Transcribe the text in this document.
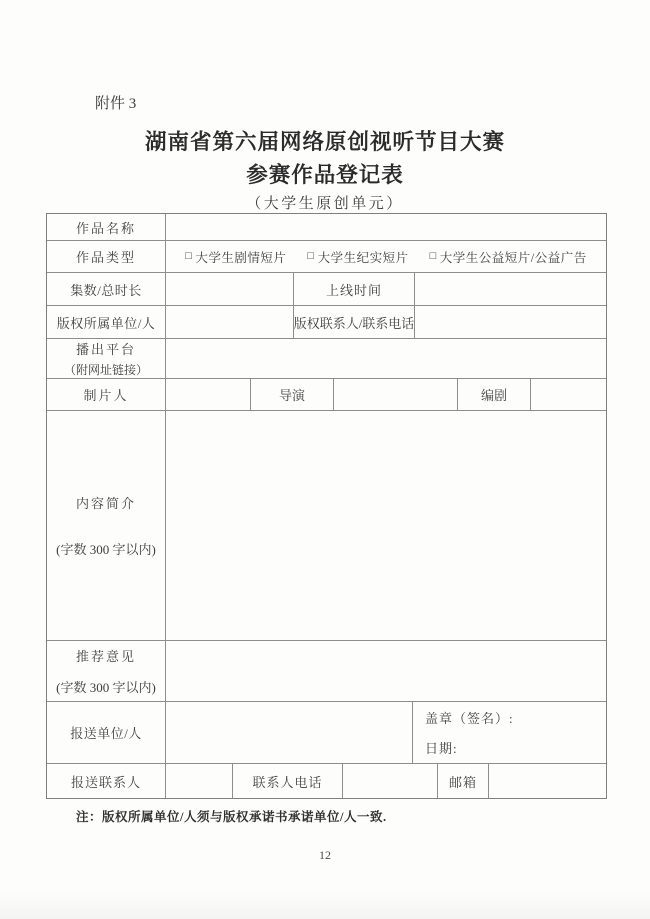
附件 3
湖南省第六届网络原创视听节目大赛
参赛作品登记表
（大学生原创单元）
作品名称
作品类型	□ 大学生剧情短片 □ 大学生纪实短片 □ 大学生公益短片/公益广告
集数/总时长	上线时间
版权所属单位/人	版权联系人/联系电话
播出平台
（附网址链接）
制片人	导演	编剧
内容简介
(字数 300 字以内)
推荐意见
(字数 300 字以内)
报送单位/人
盖章（签名）:
日期:
报送联系人	联系人电话	邮箱
注：版权所属单位/人须与版权承诺书承诺单位/人一致.
12
